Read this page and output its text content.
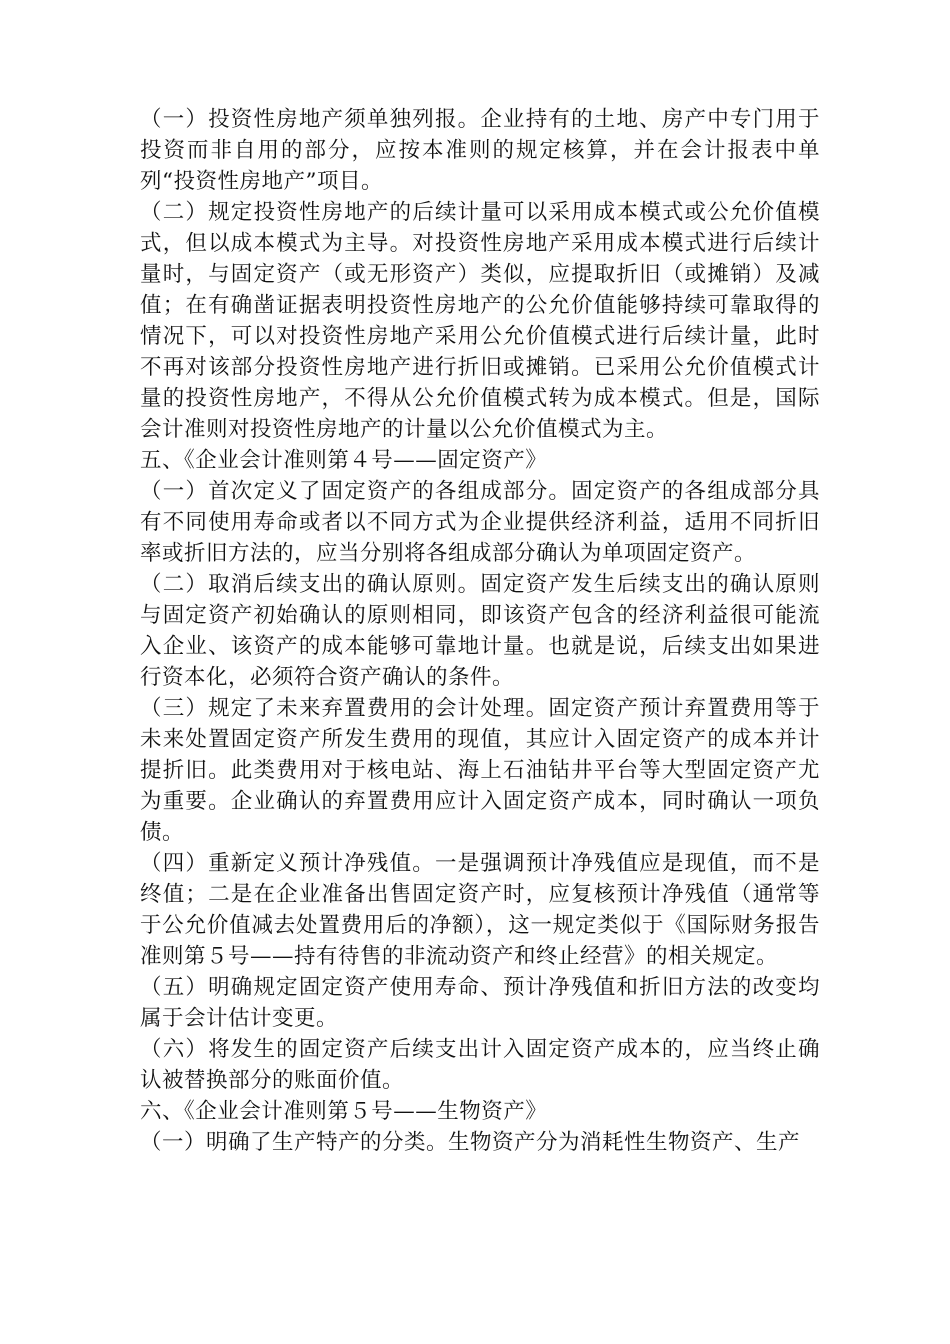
（一）投资性房地产须单独列报。企业持有的土地、房产中专门用于投资而非自用的部分，应按本准则的规定核算，并在会计报表中单列“投资性房地产”项目。

（二）规定投资性房地产的后续计量可以采用成本模式或公允价值模式，但以成本模式为主导。对投资性房地产采用成本模式进行后续计量时，与固定资产（或无形资产）类似，应提取折旧（或摊销）及减值；在有确凿证据表明投资性房地产的公允价值能够持续可靠取得的情况下，可以对投资性房地产采用公允价值模式进行后续计量，此时不再对该部分投资性房地产进行折旧或摊销。已采用公允价值模式计量的投资性房地产，不得从公允价值模式转为成本模式。但是，国际会计准则对投资性房地产的计量以公允价值模式为主。

五、《企业会计准则第４号——固定资产》

（一）首次定义了固定资产的各组成部分。固定资产的各组成部分具有不同使用寿命或者以不同方式为企业提供经济利益，适用不同折旧率或折旧方法的，应当分别将各组成部分确认为单项固定资产。

（二）取消后续支出的确认原则。固定资产发生后续支出的确认原则与固定资产初始确认的原则相同，即该资产包含的经济利益很可能流入企业、该资产的成本能够可靠地计量。也就是说，后续支出如果进行资本化，必须符合资产确认的条件。

（三）规定了未来弃置费用的会计处理。固定资产预计弃置费用等于未来处置固定资产所发生费用的现值，其应计入固定资产的成本并计提折旧。此类费用对于核电站、海上石油钻井平台等大型固定资产尤为重要。企业确认的弃置费用应计入固定资产成本，同时确认一项负债。

（四）重新定义预计净残值。一是强调预计净残值应是现值，而不是终值；二是在企业准备出售固定资产时，应复核预计净残值（通常等于公允价值减去处置费用后的净额），这一规定类似于《国际财务报告准则第５号——持有待售的非流动资产和终止经营》的相关规定。

（五）明确规定固定资产使用寿命、预计净残值和折旧方法的改变均属于会计估计变更。

（六）将发生的固定资产后续支出计入固定资产成本的，应当终止确认被替换部分的账面价值。

六、《企业会计准则第５号——生物资产》

（一）明确了生产特产的分类。生物资产分为消耗性生物资产、生产
